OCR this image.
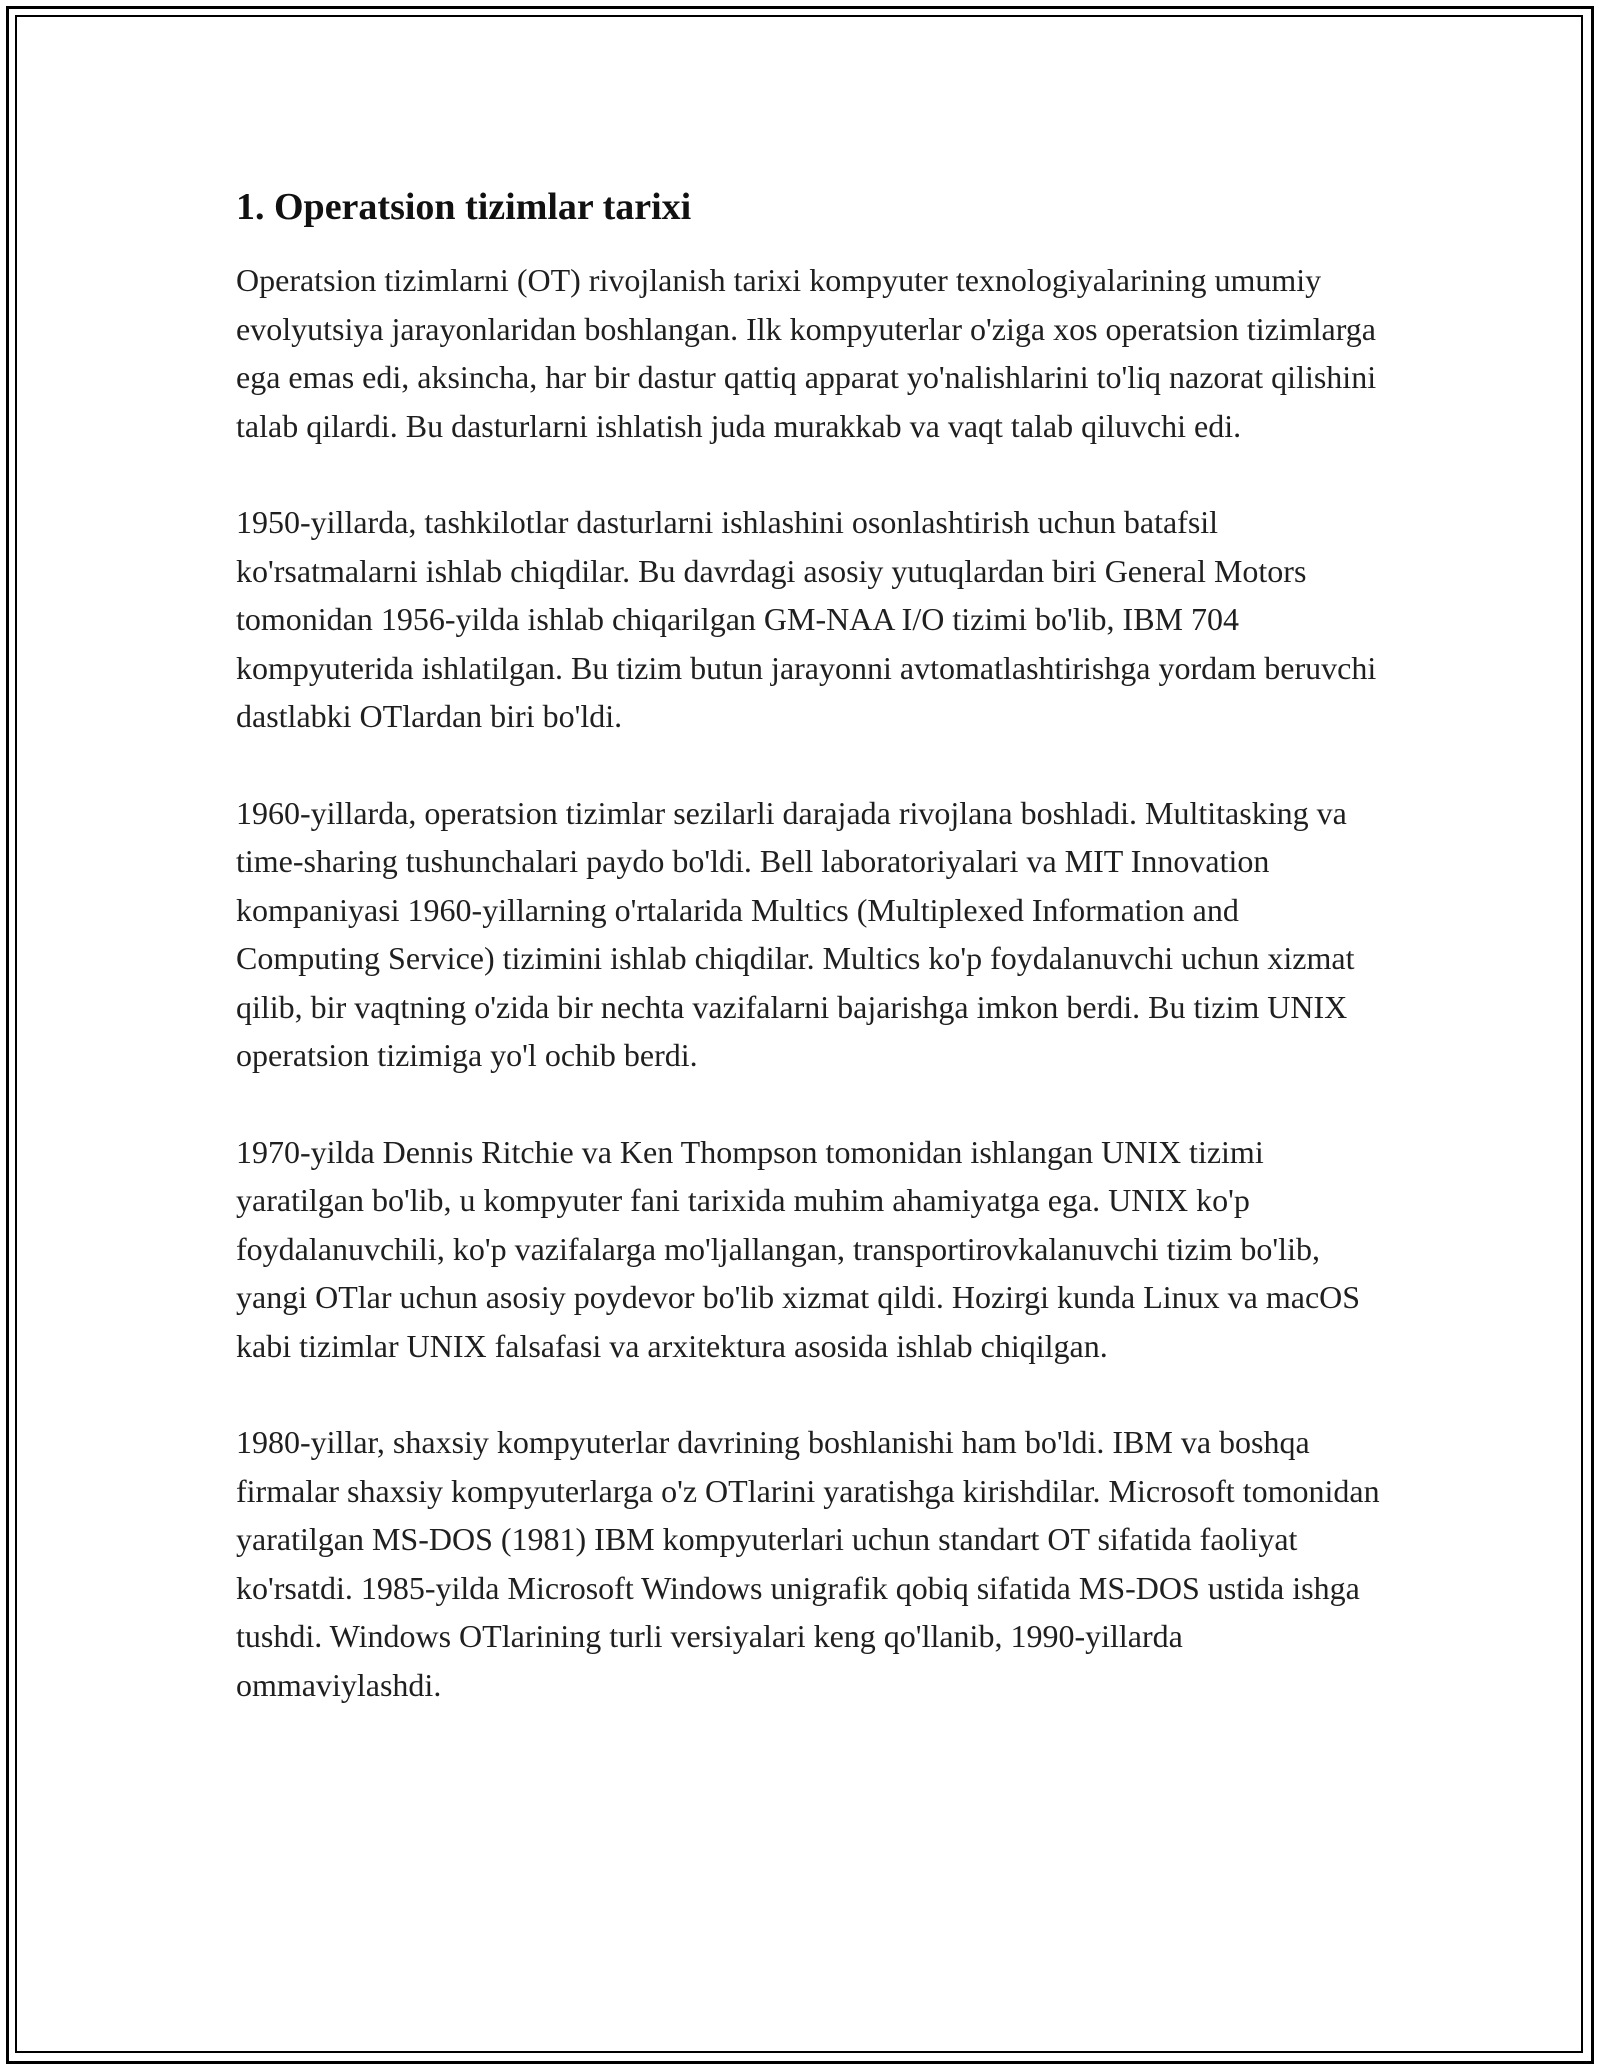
1. Operatsion tizimlar tarixi

Operatsion tizimlarni (OT) rivojlanish tarixi kompyuter texnologiyalarining umumiy evolyutsiya jarayonlaridan boshlangan. Ilk kompyuterlar o'ziga xos operatsion tizimlarga ega emas edi, aksincha, har bir dastur qattiq apparat yo'nalishlarini to'liq nazorat qilishini talab qilardi. Bu dasturlarni ishlatish juda murakkab va vaqt talab qiluvchi edi.

1950-yillarda, tashkilotlar dasturlarni ishlashini osonlashtirish uchun batafsil ko'rsatmalarni ishlab chiqdilar. Bu davrdagi asosiy yutuqlardan biri General Motors tomonidan 1956-yilda ishlab chiqarilgan GM-NAA I/O tizimi bo'lib, IBM 704 kompyuterida ishlatilgan. Bu tizim butun jarayonni avtomatlashtirishga yordam beruvchi dastlabki OTlardan biri bo'ldi.

1960-yillarda, operatsion tizimlar sezilarli darajada rivojlana boshladi. Multitasking va time-sharing tushunchalari paydo bo'ldi. Bell laboratoriyalari va MIT Innovation kompaniyasi 1960-yillarning o'rtalarida Multics (Multiplexed Information and Computing Service) tizimini ishlab chiqdilar. Multics ko'p foydalanuvchi uchun xizmat qilib, bir vaqtning o'zida bir nechta vazifalarni bajarishga imkon berdi. Bu tizim UNIX operatsion tizimiga yo'l ochib berdi.

1970-yilda Dennis Ritchie va Ken Thompson tomonidan ishlangan UNIX tizimi yaratilgan bo'lib, u kompyuter fani tarixida muhim ahamiyatga ega. UNIX ko'p foydalanuvchili, ko'p vazifalarga mo'ljallangan, transportirovkalanuvchi tizim bo'lib, yangi OTlar uchun asosiy poydevor bo'lib xizmat qildi. Hozirgi kunda Linux va macOS kabi tizimlar UNIX falsafasi va arxitektura asosida ishlab chiqilgan.

1980-yillar, shaxsiy kompyuterlar davrining boshlanishi ham bo'ldi. IBM va boshqa firmalar shaxsiy kompyuterlarga o'z OTlarini yaratishga kirishdilar. Microsoft tomonidan yaratilgan MS-DOS (1981) IBM kompyuterlari uchun standart OT sifatida faoliyat ko'rsatdi. 1985-yilda Microsoft Windows unigrafik qobiq sifatida MS-DOS ustida ishga tushdi. Windows OTlarining turli versiyalari keng qo'llanib, 1990-yillarda ommaviylashdi.
